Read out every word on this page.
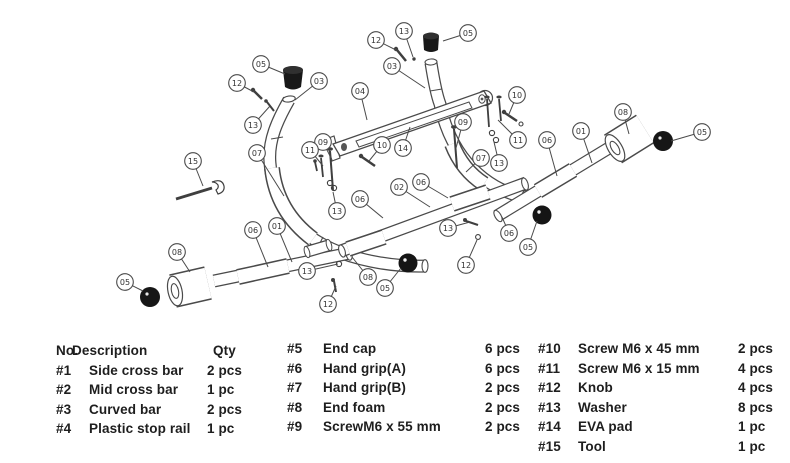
05
12
13
03
07
15
04
12
13	05
03
09
11
13
10 14
10
09
11
13
07
06
01
08
05
06
02
06
06 01
08
05
13
12
08
05
13
12
06
05
No.
Description	Qty
#1	Side cross bar	2 pcs
#2	Mid cross bar	1 pc
#3	Curved bar	2 pcs
#4	Plastic stop rail	1 pc
#5	End cap	6 pcs
#6	Hand grip(A)	6 pcs
#7	Hand grip(B)	2 pcs
#8	End foam	2 pcs
#9	ScrewM6 x 55 mm	2 pcs
#10	Screw M6 x 45 mm	2 pcs
#11	Screw M6 x 15 mm	4 pcs
#12	Knob	4 pcs
#13	Washer	8 pcs
#14	EVA pad	1 pc
#15	Tool	1 pc
